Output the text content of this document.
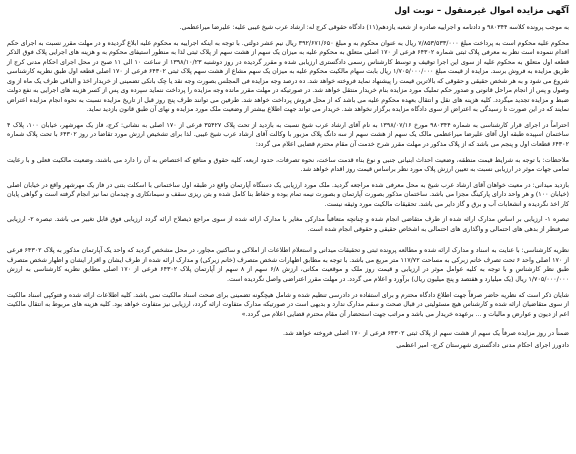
آگهی مزایده اموال غیرمنقول – نوبت اول

به موجب پرونده کلاسه ۹۸۰۳۴۴ و دادنامه و اجراییه صادره از شعبه یازدهم(۱۱) دادگاه حقوقی کرج له: ارشاد عرب شیخ غیبی علیه: علیرضا میراعظمی.

محکوم علیه محکوم است به پرداخت مبلغ ۷/۸۵۳/۵۳۳/۰۰۰ ریال به عنوان محکوم به و مبلغ ۳۹۲/۶۷۱/۶۵۰ ریال نیم عشر دولتی. با توجه به اینکه اجراییه به محکوم علیه ابلاغ گردیده و در مهلت مقرر نسبت به اجرای حکم اقدام ننموده است نظر به معرفی پلاک ثبتی شماره ۶۴۳۰۲ فرعی از ۱۷۰ اصلی متعلق به محکوم علیه به میزان یک سهم از هشت سهم از پلاک ثبتی لذا به منظور استیفای محکوم به و هزینه های اجرایی پلاک فوق الذکر قطعه اول متعلق به محکوم علیه از سوی این اجرا توقیف و توسط کارشناس رسمی دادگستری ارزیابی شده و مقرر گردیده در روز دوشنبه ۱۳۹۸/۱۰/۲۳ از ساعت ۱۰ الی ۱۱ صبح در محل اجرای احکام مدنی کرج از طریق مزایده به فروش برسد. مزایده از قیمت مبلغ ۱/۷۰۵/۰۰۰/۰۰۰ ریال بابت سهام مالکیت محکوم علیه به میزان یک سهم مشاع از هشت سهم پلاک ثبتی ۶۴۳۰۲ فرعی از ۱۷۰ اصلی قطعه اول طبق نظریه کارشناسی شروع می شود و به هر شخص حقیقی و حقوقی که بالاترین قیمت را پیشنهاد نماید فروخته خواهد شد. ده درصد وجه مزایده فی المجلس بصورت وجه نقد یا چک بانکی تضمینی از خریدار اخذ و الباقی ظرف یک ماه از وی وصول و پس از انجام مراحل قانونی و صدور حکم تملیک مورد مزایده بنام خریدار منتقل خواهد شد. در صورتیکه در مهلت مقرر مانده وجه مزایده را پرداخت ننماید سپرده وی پس از کسر هزینه های اجرایی به نفع دولت ضبط و مزایده تجدید میگردد. کلیه هزینه های نقل و انتقال بعهده محکوم علیه می باشد که از محل فروش پرداخت خواهد شد. طرفین می توانند ظرف پنج روز قبل از تاریخ مزایده نسبت به نحوه انجام مزایده اعتراض نمایند که در این صورت تا رسیدگی به اعتراض از سوی دادگاه مزایده برگزار نخواهد شد. خریدار می تواند جهت اطلاع بیشتر از وضعیت ملک مورد مزایده و نهای آن طبق قانون بازدید نماید.

احتراماً در اجرای قرار کارشناسی به شماره ۹۸۰۳۴۴ مورخ ۱۳۹۸/۰۷/۱۶ به نام آقای ارشاد عرب شیخ نسبت به بازدید از تحت پلاک ۳۵۴۲۷ فرعی از ۱۷۰ اصلی به نشانی: کرج، فاز یک مهرشهر، خیابان ۱۰۰، پلاک ۴ ساختمان اسپیده طبقه اول آقای علیرضا میراعظمی مالک یک سهم از هشت سهم از سه دانگ پلاک مزبور با وکالت آقای ارشاد عرب شیخ غیبی. لذا برای تشخیص ارزش مورد تقاضا در روز ۶۴۳۰۲ با تحت پلاک شماره ۶۴۳۰۲ قطعات اول و پنجم می باشد که از پلاک مذکور در مهلت مقرر شرح خدمت آن مقام محترم قضایی اعلام می گردد:

ملاحظات: با توجه به شرایط قیمت منطقه، وضعیت احداث ابنیانی جنبی و نوع بناء قدمت ساخت، نحوه تصرفات، حدود اربعه، کلیه حقوق و منافع که اختصاص به آن را دارد می باشند، وضعیت مالکیت فعلی و با رعایت تمامی جهات موثر در ارزیابی نسبت به تعیین ارزش پلاک مورد نظر براساس قیمت روز اقدام خواهد شد.

بازدید میدانی: در معیت خواهان آقای ارشاد عرب شیخ به محل معرفی شده مراجعه گردید. ملک مورد ارزیابی یک دستگاه آپارتمان واقع در طبقه اول ساختمانی با اسکلت بتنی در فاز یک مهرشهر واقع در خیابان اصلی (خیابان ۱۰۰) و هر واحد دارای پارکینگ مجزا می باشد. ساختمان مذکور بصورت آپارتمان و بصورت نیمه تمام بوده و حفاظ بنا کامل شده و بتن ریزی سقف و سیمانکاری و چیدمان نما نیز انجام گرفته است و گواهی پایان کار اخذ نگردیده و انشعابات آب و برق و گاز دایر می باشد. تحقیقات مالکیت مورد وثیقه نیست.

تبصره ۱- ارزیابی بر اساس مدارک ارائه شده از طرف متقاضی انجام شده و چنانچه متعاقباً مدارکی مغایر با مدارک ارائه شده از سوی مراجع ذیصلاح ارائه گردد ارزیابی فوق قابل تغییر می باشد. تبصره ۲- ارزیابی صرفنظر از بدهی های احتمالی و واگذاری های احتمالی به اشخاص حقیقی و حقوقی انجام شده است.

نظریه کارشناسی: با عنایت به اسناد و مدارک ارائه شده و مطالعه پرونده ثبتی و تحقیقات میدانی و استعلام اطلاعات از املاکی و ساکنین مجاور، در محل مشخص گردید که واحد یک آپارتمان مذکور به پلاک ۶۴۳۰۲ فرعی از ۱۷۰ اصلی واحد ۶ تحت تصرف خانم زبرکی به مساحت ۱۱۷/۷۲ متر مربع می باشد. با توجه به مطابق اظهارات شخص متصرف (خانم زبرکی) و مدارک ارائه شده از طرف ایشان و اقرار ایشان و اظهار شخص متصرف طبق نظر کارشناس و با توجه به کلیه عوامل موثر در ارزیابی و قیمت روز ملک و موقعیت مکانی، ارزش ۶/۸ سهم از ۸ سهم از آپارتمان پلاک ۶۴۳۰۲ فرعی از ۱۷۰ اصلی مطابق نظریه کارشناسی به ارزش ۱/۷۰۵/۰۰۰/۰۰۰ ریال (یک میلیارد و هفتصد و پنج میلیون ریال) برآورد و اعلام می گردد. در مهلت مقرر اعتراضی واصل نگردیده است.

شایان ذکر است که نظریه حاضر صرفاً جهت اطلاع دادگاه محترم و برای استفاده در دادرسی تنظیم شده و شامل هیچگونه تضمینی برای صحت اسناد مالکیت نمی باشد. کلیه اطلاعات ارائه شده و فتوکپی اسناد مالکیت از سوی متقاضیان ارائه شده و کارشناس هیچ مسئولیتی در قبال صحت و سقم مدارک ندارد و بدیهی است در صورتیکه مدارک متفاوت ارائه گردد، ارزیابی نیز متفاوت خواهد بود. کلیه هزینه های مربوط به انتقال مالکیت اعم از دیون و عوارض و مالیات و ... برعهده خریدار می باشد و مراتب جهت استحضار آن مقام محترم قضایی اعلام می گردد.»

ضمناً در روز مزایده صرفاً یک سهم از هشت سهم از پلاک ثبتی ۶۴۳۰۲ فرعی از ۱۷۰ اصلی فروخته خواهد شد.

دادورز اجرای احکام مدنی دادگستری شهرستان کرج- امیر اعظمی
